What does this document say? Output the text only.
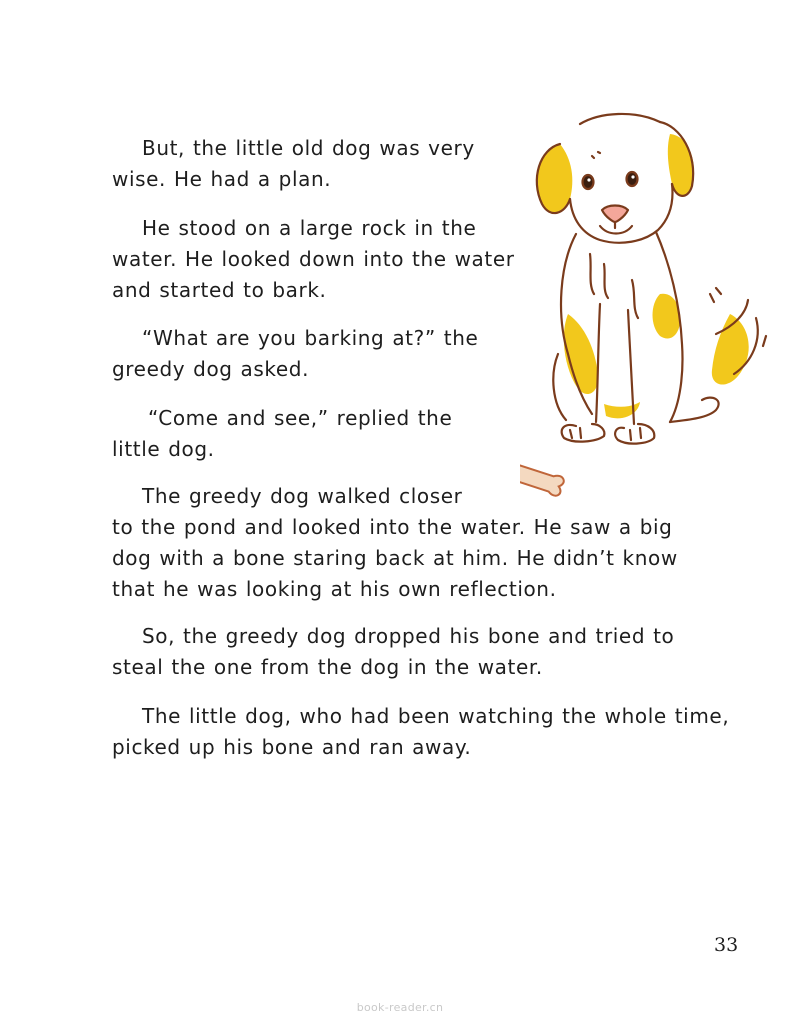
But, the little old dog was very
wise. He had a plan.

He stood on a large rock in the
water. He looked down into the water
and started to bark.

“What are you barking at?” the
greedy dog asked.

“Come and see,” replied the
little dog.

The greedy dog walked closer
to the pond and looked into the water. He saw a big
dog with a bone staring back at him. He didn’t know
that he was looking at his own reflection.

So, the greedy dog dropped his bone and tried to
steal the one from the dog in the water.

The little dog, who had been watching the whole time,
picked up his bone and ran away.

33
book-reader.cn
